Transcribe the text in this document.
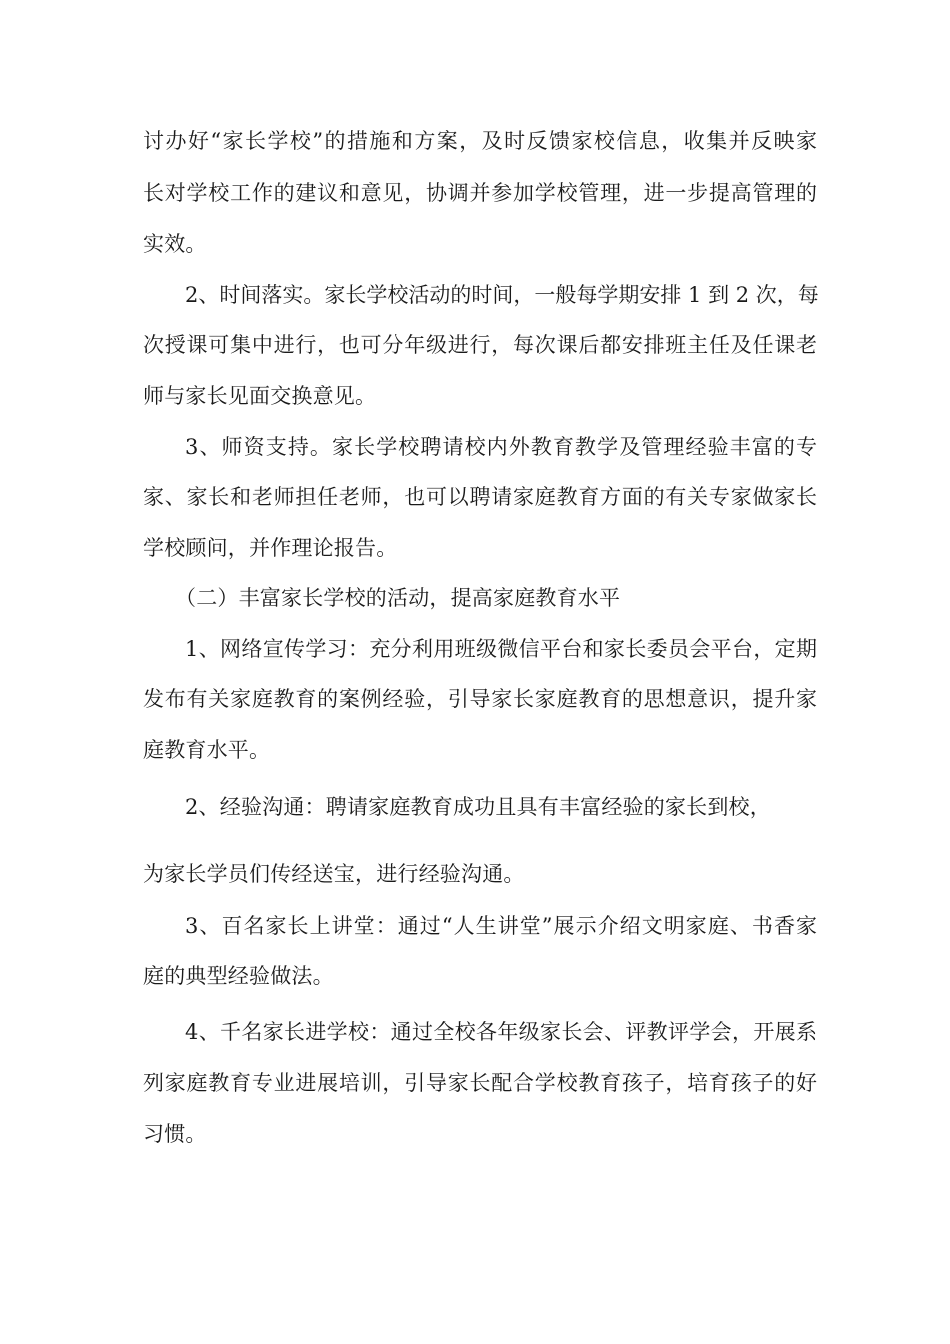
讨办好“家长学校”的措施和方案，及时反馈家校信息，收集并反映家
长对学校工作的建议和意见，协调并参加学校管理，进一步提高管理的
实效。
2、时间落实。家长学校活动的时间，一般每学期安排 1 到 2 次，每
次授课可集中进行，也可分年级进行，每次课后都安排班主任及任课老
师与家长见面交换意见。
3、师资支持。家长学校聘请校内外教育教学及管理经验丰富的专
家、家长和老师担任老师，也可以聘请家庭教育方面的有关专家做家长
学校顾问，并作理论报告。
（二）丰富家长学校的活动，提高家庭教育水平
1、网络宣传学习：充分利用班级微信平台和家长委员会平台，定期
发布有关家庭教育的案例经验，引导家长家庭教育的思想意识，提升家
庭教育水平。
2、经验沟通：聘请家庭教育成功且具有丰富经验的家长到校，
为家长学员们传经送宝，进行经验沟通。
3、百名家长上讲堂：通过“人生讲堂”展示介绍文明家庭、书香家
庭的典型经验做法。
4、千名家长进学校：通过全校各年级家长会、评教评学会，开展系
列家庭教育专业进展培训，引导家长配合学校教育孩子，培育孩子的好
习惯。
